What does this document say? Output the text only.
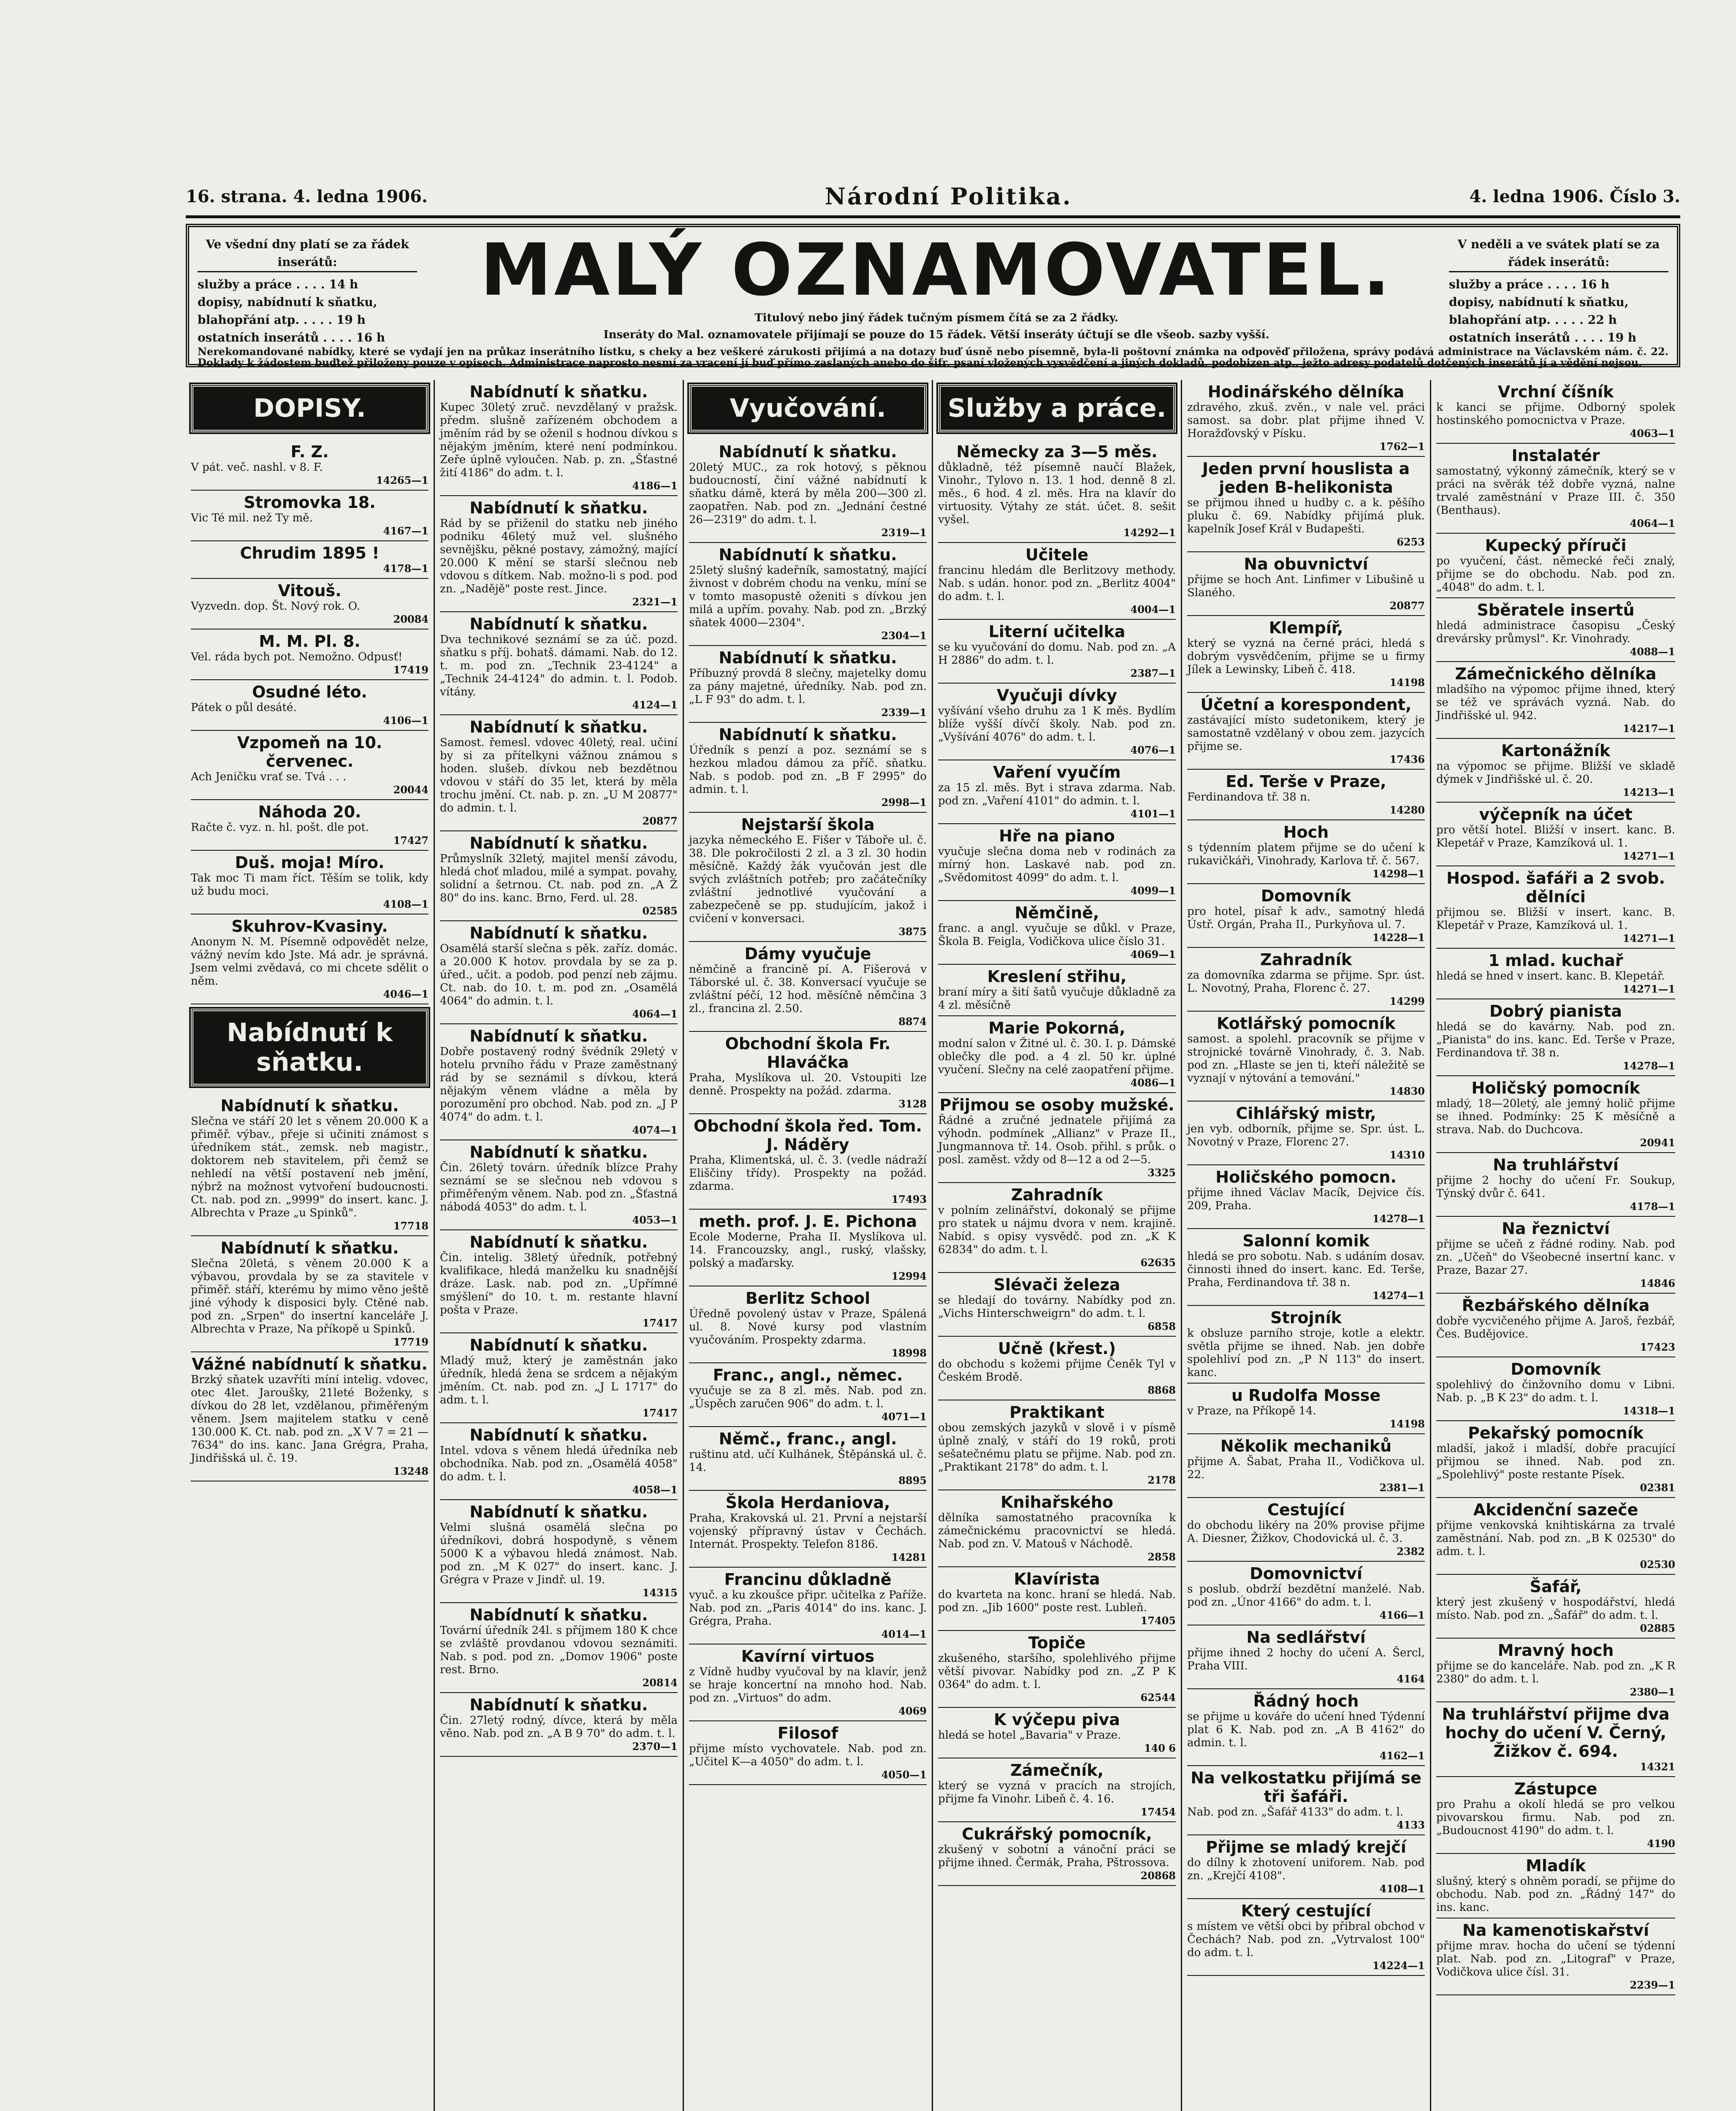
16. strana. 4. ledna 1906.	Národní Politika.	4. ledna 1906. Číslo 3.
Ve všední dny platí se za řádek inserátů:
služby a práce . . . . 14 h
dopisy, nabídnutí k sňatku,
blahopřání atp. . . . . 19 h
ostatních inserátů . . . . 16 h
MALÝ OZNAMOVATEL.
Titulový nebo jiný řádek tučným písmem čítá se za 2 řádky.
Inseráty do Mal. oznamovatele přijímají se pouze do 15 řádek. Větší inseráty účtují se dle všeob. sazby vyšší.
V neděli a ve svátek platí se za řádek inserátů:
služby a práce . . . . 16 h
dopisy, nabídnutí k sňatku,
blahopřání atp. . . . . 22 h
ostatních inserátů . . . . 19 h
Nerekomandované nabídky, které se vydají jen na průkaz inserátního lístku, s cheky a bez veškeré zárukosti přijímá a na dotazy buď úsně nebo písemně, byla-li poštovní známka na odpověď přiložena, správy podává administrace na Václavském nám. č. 22. Doklady k žádostem buďtež přiloženy pouze v opisech. Administrace naprosto nesmí za vracení jí buď přímo zaslaných anebo do šifr. psaní vložených vysvědčení a jiných dokladů, podobizen atp., ježto adresy podatelů dotčených inserátů jí a vědění nejsou.
DOPISY.
F. Z.
V pát. več. nashl. v 8. F.
14265—1
Stromovka 18.
Vic Té mil. než Ty mě.
4167—1
Chrudim 1895 !
4178—1
Vitouš.
Vyzvedn. dop. Št. Nový rok. O.
20084
M. M. Pl. 8.
Vel. ráda bych pot. Nemožno. Odpusť!
17419
Osudné léto.
Pátek o půl desáté.
4106—1
Vzpomeň na 10. červenec.
Ach Jeničku vrať se. Tvá . . .
20044
Náhoda 20.
Račte č. vyz. n. hl. pošt. dle pot.
17427
Duš. moja! Míro.
Tak moc Ti mam říct. Těším se tolik, kdy už budu moci.
4108—1
Skuhrov-Kvasiny.
Anonym N. M. Písemně odpovědět nelze, vážný nevím kdo Jste. Má adr. je správná. Jsem velmi zvědavá, co mi chcete sdělit o něm.
4046—1
Nabídnutí k sňatku.
Nabídnutí k sňatku.
Slečna ve stáří 20 let s věnem 20.000 K a přiměř. výbav., přeje si učiniti známost s úředníkem stát., zemsk. neb magistr., doktorem neb stavitelem, při čemž se nehledí na větší postavení neb jmění, nýbrž na možnost vytvoření budoucnosti. Ct. nab. pod zn. „9999" do insert. kanc. J. Albrechta v Praze „u Spinků".
17718
Nabídnutí k sňatku.
Slečna 20letá, s věnem 20.000 K a výbavou, provdala by se za stavitele v přiměř. stáří, kterému by mimo věno ještě jiné výhody k disposici byly. Ctěné nab. pod zn. „Srpen" do insertní kanceláře J. Albrechta v Praze, Na příkopě u Spinků.
17719
Vážné nabídnutí k sňatku.
Brzký sňatek uzavříti míní intelig. vdovec, otec 4let. Jaroušky, 21leté Boženky, s dívkou do 28 let, vzdělanou, přiměřeným věnem. Jsem majitelem statku v ceně 130.000 K. Ct. nab. pod zn. „X V 7 = 21 — 7634" do ins. kanc. Jana Grégra, Praha, Jindřišská ul. č. 19.
13248
Nabídnutí k sňatku.
Kupec 30letý zruč. nevzdělaný v pražsk. předm. slušně zařízeném obchodem a jměním rád by se oženil s hodnou dívkou s nějakým jměním, které není podmínkou. Zeře úplně vyloučen. Nab. p. zn. „Šťastné žití 4186" do adm. t. l.
4186—1
Nabídnutí k sňatku.
Rád by se přiženil do statku neb jiného podniku 46letý muž vel. slušného sevnějšku, pěkné postavy, zámožný, mající 20.000 K mění se starší slečnou neb vdovou s dítkem. Nab. možno-li s pod. pod zn. „Nadějě" poste rest. Jince.
2321—1
Nabídnutí k sňatku.
Dva technikové seznámí se za úč. pozd. sňatku s příj. bohatš. dámami. Nab. do 12. t. m. pod zn. „Technik 23-4124" a „Technik 24-4124" do admin. t. l. Podob. vítány.
4124—1
Nabídnutí k sňatku.
Samost. řemesl. vdovec 40letý, real. učiní by si za přítelkyni vážnou známou s hoden. slušeb. dívkou neb bezdětnou vdovou v stáří do 35 let, která by měla trochu jmění. Ct. nab. p. zn. „U M 20877" do admin. t. l.
20877
Nabídnutí k sňatku.
Průmyslník 32letý, majitel menší závodu, hledá choť mladou, milé a sympat. povahy, solidní a šetrnou. Ct. nab. pod zn. „A Ž 80" do ins. kanc. Brno, Ferd. ul. 28.
02585
Nabídnutí k sňatku.
Osamělá starší slečna s pěk. zaříz. domác. a 20.000 K hotov. provdala by se za p. úřed., učit. a podob. pod penzí neb zájmu. Ct. nab. do 10. t. m. pod zn. „Osamělá 4064" do admin. t. l.
4064—1
Nabídnutí k sňatku.
Dobře postavený rodný švédník 29letý v hotelu prvního řádu v Praze zaměstnaný rád by se seznámil s dívkou, která nějakým věnem vládne a měla by porozumění pro obchod. Nab. pod zn. „J P 4074" do adm. t. l.
4074—1
Nabídnutí k sňatku.
Čin. 26letý továrn. úředník blízce Prahy seznámí se se slečnou neb vdovou s přiměřeným věnem. Nab. pod zn. „Šťastná nábodá 4053" do adm. t. l.
4053—1
Nabídnutí k sňatku.
Čin. intelig. 38letý úředník, potřebný kvalifikace, hledá manželku ku snadnější dráze. Lask. nab. pod zn. „Upřímné smýšlení" do 10. t. m. restante hlavní pošta v Praze.
17417
Nabídnutí k sňatku.
Mladý muž, který je zaměstnán jako úředník, hledá žena se srdcem a nějakým jměním. Ct. nab. pod zn. „J L 1717" do adm. t. l.
17417
Nabídnutí k sňatku.
Intel. vdova s věnem hledá úředníka neb obchodníka. Nab. pod zn. „Osamělá 4058" do adm. t. l.
4058—1
Nabídnutí k sňatku.
Velmi slušná osamělá slečna po úředníkovi, dobrá hospodyně, s věnem 5000 K a výbavou hledá známost. Nab. pod zn. „M K 027" do insert. kanc. J. Grégra v Praze v Jindř. ul. 19.
14315
Nabídnutí k sňatku.
Tovární úředník 24l. s příjmem 180 K chce se zvláště provdanou vdovou seznámiti. Nab. s pod. pod zn. „Domov 1906" poste rest. Brno.
20814
Nabídnutí k sňatku.
Čin. 27letý rodný, dívce, která by měla věno. Nab. pod zn. „A B 9 70" do adm. t. l.
2370—1
Vyučování.
Nabídnutí k sňatku.
20letý MUC., za rok hotový, s pěknou budoucností, činí vážné nabídnutí k sňatku dámě, která by měla 200—300 zl. zaopatřen. Nab. pod zn. „Jednání čestné 26—2319" do adm. t. l.
2319—1
Nabídnutí k sňatku.
25letý slušný kadeřník, samostatný, mající živnost v dobrém chodu na venku, míní se v tomto masopustě oženiti s dívkou jen milá a upřím. povahy. Nab. pod zn. „Brzký sňatek 4000—2304".
2304—1
Nabídnutí k sňatku.
Příbuzný provdá 8 slečny, majetelky domu za pány majetné, úředníky. Nab. pod zn. „L F 93" do adm. t. l.
2339—1
Nabídnutí k sňatku.
Úředník s penzí a poz. seznámí se s hezkou mladou dámou za příč. sňatku. Nab. s podob. pod zn. „B F 2995" do admin. t. l.
2998—1
Nejstarší škola
jazyka německého E. Fišer v Táboře ul. č. 38. Dle pokročilosti 2 zl. a 3 zl. 30 hodin měsíčně. Každý žák vyučován jest dle svých zvláštních potřeb; pro začátečníky zvláštní jednotlivé vyučování a zabezpečeně se pp. studujícím, jakož i cvičení v konversaci.
3875
Dámy vyučuje
němčině a francině pí. A. Fišerová v Táborské ul. č. 38. Konversací vyučuje se zvláštní péčí, 12 hod. měsíčně němčina 3 zl., francina zl. 2.50.
8874
Obchodní škola Fr. Hlaváčka
Praha, Myslíkova ul. 20. Vstoupiti lze denně. Prospekty na požád. zdarma.
3128
Obchodní škola řed. Tom. J. Náděry
Praha, Klimentská, ul. č. 3. (vedle nádraží Eliščiny třídy). Prospekty na požád. zdarma.
17493
meth. prof. J. E. Pichona
Ecole Moderne, Praha II. Myslíkova ul. 14. Francouzsky, angl., ruský, vlašsky, polský a maďarsky.
12994
Berlitz School
Úředně povolený ústav v Praze, Spálená ul. 8. Nové kursy pod vlastním vyučováním. Prospekty zdarma.
18998
Franc., angl., němec.
vyučuje se za 8 zl. měs. Nab. pod zn. „Úspěch zaručen 906" do adm. t. l.
4071—1
Němč., franc., angl.
ruštinu atd. učí Kulhánek, Štěpánská ul. č. 14.
8895
Škola Herdaniova,
Praha, Krakovská ul. 21. První a nejstarší vojenský přípravný ústav v Čechách. Internát. Prospekty. Telefon 8186.
14281
Francinu důkladně
vyuč. a ku zkoušce připr. učitelka z Paříže. Nab. pod zn. „Paris 4014" do ins. kanc. J. Grégra, Praha.
4014—1
Kavírní virtuos
z Vídně hudby vyučoval by na klavír, jenž se hraje koncertní na mnoho hod. Nab. pod zn. „Virtuos" do adm.
4069
Filosof
přijme místo vychovatele. Nab. pod zn. „Učitel K—a 4050" do adm. t. l.
4050—1
Služby a práce.
Německy za 3—5 měs.
důkladně, též písemně naučí Blažek, Vinohr., Tylovo n. 13. 1 hod. denně 8 zl. měs., 6 hod. 4 zl. měs. Hra na klavír do virtuosity. Výtahy ze stát. účet. 8. sešit vyšel.
14292—1
Učitele
francinu hledám dle Berlitzovy methody. Nab. s udán. honor. pod zn. „Berlitz 4004" do adm. t. l.
4004—1
Literní učitelka
se ku vyučování do domu. Nab. pod zn. „A H 2886" do adm. t. l.
2387—1
Vyučuji dívky
vyšívání všeho druhu za 1 K měs. Bydlím blíže vyšší dívčí školy. Nab. pod zn. „Vyšívání 4076" do adm. t. l.
4076—1
Vaření vyučím
za 15 zl. měs. Byt i strava zdarma. Nab. pod zn. „Vaření 4101" do admin. t. l.
4101—1
Hře na piano
vyučuje slečna doma neb v rodinách za mírný hon. Laskavé nab. pod zn. „Svědomitost 4099" do adm. t. l.
4099—1
Němčině,
franc. a angl. vyučuje se důkl. v Praze, Škola B. Feigla, Vodičkova ulice číslo 31.
4069—1
Kreslení střihu,
braní míry a šití šatů vyučuje důkladně za 4 zl. měsíčně
Marie Pokorná,
modní salon v Žitné ul. č. 30. I. p. Dámské oblečky dle pod. a 4 zl. 50 kr. úplné vyučení. Slečny na celé zaopatření přijme.
4086—1
Přijmou se osoby mužské.
Řádné a zručné jednatele přijímá za výhodn. podmínek „Allianz" v Praze II., Jungmannova tř. 14. Osob. přihl. s průk. o posl. zaměst. vždy od 8—12 a od 2—5.
3325
Zahradník
v polním zelinářství, dokonalý se přijme pro statek u nájmu dvora v nem. krajině. Nabíd. s opisy vysvědč. pod zn. „K K 62834" do adm. t. l.
62635
Slévači železa
se hledají do továrny. Nabídky pod zn. „Vichs Hinterschweigrn" do adm. t. l.
6858
Učně (křest.)
do obchodu s kožemi přijme Čeněk Tyl v Českém Brodě.
8868
Praktikant
obou zemských jazyků v slově i v písmě úplně znalý, v stáří do 19 roků, proti sešatečnému platu se přijme. Nab. pod zn. „Praktikant 2178" do adm. t. l.
2178
Knihařského
dělníka samostatného pracovníka k zámečnickému pracovnictví se hledá. Nab. pod zn. V. Matouš v Náchodě.
2858
Klavírista
do kvarteta na konc. hraní se hledá. Nab. pod zn. „Jib 1600" poste rest. Lubleň.
17405
Topiče
zkušeného, staršího, spolehlivého přijme větší pivovar. Nabídky pod zn. „Z P K 0364" do adm. t. l.
62544
K výčepu piva
hledá se hotel „Bavaria" v Praze.
140 6
Zámečník,
který se vyzná v pracích na strojích, přijme fa Vinohr. Libeň č. 4. 16.
17454
Cukrářský pomocník,
zkušený v sobotní a vánoční práci se přijme ihned. Čermák, Praha, Pštrossova.
20868
Hodinářského dělníka
zdravého, zkuš. zvěn., v nale vel. práci samost. sa dobr. plat přijme ihned V. Horažďovský v Písku.
1762—1
Jeden první houslista a jeden B-helikonista
se přijmou ihned u hudby c. a k. pěšího pluku č. 69. Nabídky přijímá pluk. kapelník Josef Král v Budapešti.
6253
Na obuvnictví
přijme se hoch Ant. Linfimer v Libušině u Slaného.
20877
Klempíř,
který se vyzná na černé práci, hledá s dobrým vysvědčením, přijme se u firmy Jílek a Lewinsky, Libeň č. 418.
14198
Účetní a korespondent,
zastávající místo sudetonikem, který je samostatně vzdělaný v obou zem. jazycích přijme se.
17436
Ed. Terše v Praze,
Ferdinandova tř. 38 n.
14280
Hoch
s týdenním platem přijme se do učení k rukavičkáři, Vinohrady, Karlova tř. č. 567.
14298—1
Domovník
pro hotel, písař k adv., samotný hledá Ústř. Orgán, Praha II., Purkyňova ul. 7.
14228—1
Zahradník
za domovníka zdarma se přijme. Spr. úst. L. Novotný, Praha, Florenc č. 27.
14299
Kotlářský pomocník
samost. a spolehl. pracovník se přijme v strojnické továrně Vinohrady, č. 3. Nab. pod zn. „Hlaste se jen ti, kteří náležitě se vyznají v nýtování a temování."
14830
Cihlářský mistr,
jen vyb. odborník, přijme se. Spr. úst. L. Novotný v Praze, Florenc 27.
14310
Holičského pomocn.
přijme ihned Václav Macík, Dejvice čís. 209, Praha.
14278—1
Salonní komik
hledá se pro sobotu. Nab. s udáním dosav. činnosti ihned do insert. kanc. Ed. Terše, Praha, Ferdinandova tř. 38 n.
14274—1
Strojník
k obsluze parního stroje, kotle a elektr. světla přijme se ihned. Nab. jen dobře spolehliví pod zn. „P N 113" do insert. kanc.
u Rudolfa Mosse
v Praze, na Příkopě 14.
14198
Několik mechaniků
přijme A. Šabat, Praha II., Vodičkova ul. 22.
2381—1
Cestující
do obchodu likéry na 20% provise přijme A. Diesner, Žižkov, Chodovická ul. č. 3.
2382
Domovnictví
s poslub. obdrží bezdětní manželé. Nab. pod zn. „Únor 4166" do adm. t. l.
4166—1
Na sedlářství
přijme ihned 2 hochy do učení A. Šercl, Praha VIII.
4164
Řádný hoch
se přijme u kováře do učení hned Týdenní plat 6 K. Nab. pod zn. „A B 4162" do admin. t. l.
4162—1
Na velkostatku přijímá se tři šafáři.
Nab. pod zn. „Šafář 4133" do adm. t. l.
4133
Přijme se mladý krejčí
do dílny k zhotovení uniforem. Nab. pod zn. „Krejčí 4108".
4108—1
Který cestující
s místem ve větší obci by přibral obchod v Čechách? Nab. pod zn. „Vytrvalost 100" do adm. t. l.
14224—1
Vrchní číšník
k kanci se přijme. Odborný spolek hostinského pomocnictva v Praze.
4063—1
Instalatér
samostatný, výkonný zámečník, který se v práci na svěrák též dobře vyzná, nalne trvalé zaměstnání v Praze III. č. 350 (Benthaus).
4064—1
Kupecký příruči
po vyučení, část. německé řeči znalý, přijme se do obchodu. Nab. pod zn. „4048" do adm. t. l.
Sběratele insertů
hledá administrace časopisu „Český drevársky průmysl". Kr. Vinohrady.
4088—1
Zámečnického dělníka
mladšího na výpomoc přijme ihned, který se též ve správách vyzná. Nab. do Jindřišské ul. 942.
14217—1
Kartonážník
na výpomoc se přijme. Bližší ve skladě dýmek v Jindřišské ul. č. 20.
14213—1
výčepník na účet
pro větší hotel. Bližší v insert. kanc. B. Klepetář v Praze, Kamzíková ul. 1.
14271—1
Hospod. šafáři a 2 svob. dělníci
přijmou se. Bližší v insert. kanc. B. Klepetář v Praze, Kamzíková ul. 1.
14271—1
1 mlad. kuchař
hledá se hned v insert. kanc. B. Klepetář.
14271—1
Dobrý pianista
hledá se do kavárny. Nab. pod zn. „Pianista" do ins. kanc. Ed. Terše v Praze, Ferdinandova tř. 38 n.
14278—1
Holičský pomocník
mladý, 18—20letý, ale jemný holič přijme se ihned. Podmínky: 25 K měsíčně a strava. Nab. do Duchcova.
20941
Na truhlářství
přijme 2 hochy do učení Fr. Soukup, Týnský dvůr č. 641.
4178—1
Na řeznictví
přijme se učeň z řádné rodiny. Nab. pod zn. „Učeň" do Všeobecné insertní kanc. v Praze, Bazar 27.
14846
Řezbářského dělníka
dobře vycvičeného přijme A. Jaroš, řezbář, Čes. Budějovice.
17423
Domovník
spolehlivý do činžovního domu v Libni. Nab. p. „B K 23" do adm. t. l.
14318—1
Pekařský pomocník
mladší, jakož i mladší, dobře pracující přijmou se ihned. Nab. pod zn. „Spolehlivý" poste restante Písek.
02381
Akcidenční sazeče
přijme venkovská knihtiskárna za trvalé zaměstnání. Nab. pod zn. „B K 02530" do adm. t. l.
02530
Šafář,
který jest zkušený v hospodářství, hledá místo. Nab. pod zn. „Šafář" do adm. t. l.
02885
Mravný hoch
přijme se do kanceláře. Nab. pod zn. „K R 2380" do adm. t. l.
2380—1
Na truhlářství přijme dva hochy do učení V. Černý, Žižkov č. 694.
14321
Zástupce
pro Prahu a okolí hledá se pro velkou pivovarskou firmu. Nab. pod zn. „Budoucnost 4190" do adm. t. l.
4190
Mladík
slušný, který s ohněm poradí, se přijme do obchodu. Nab. pod zn. „Řádný 147" do ins. kanc.
Na kamenotiskařství
přijme mrav. hocha do učení se týdenní plat. Nab. pod zn. „Litograf" v Praze, Vodičkova ulice čísl. 31.
2239—1
